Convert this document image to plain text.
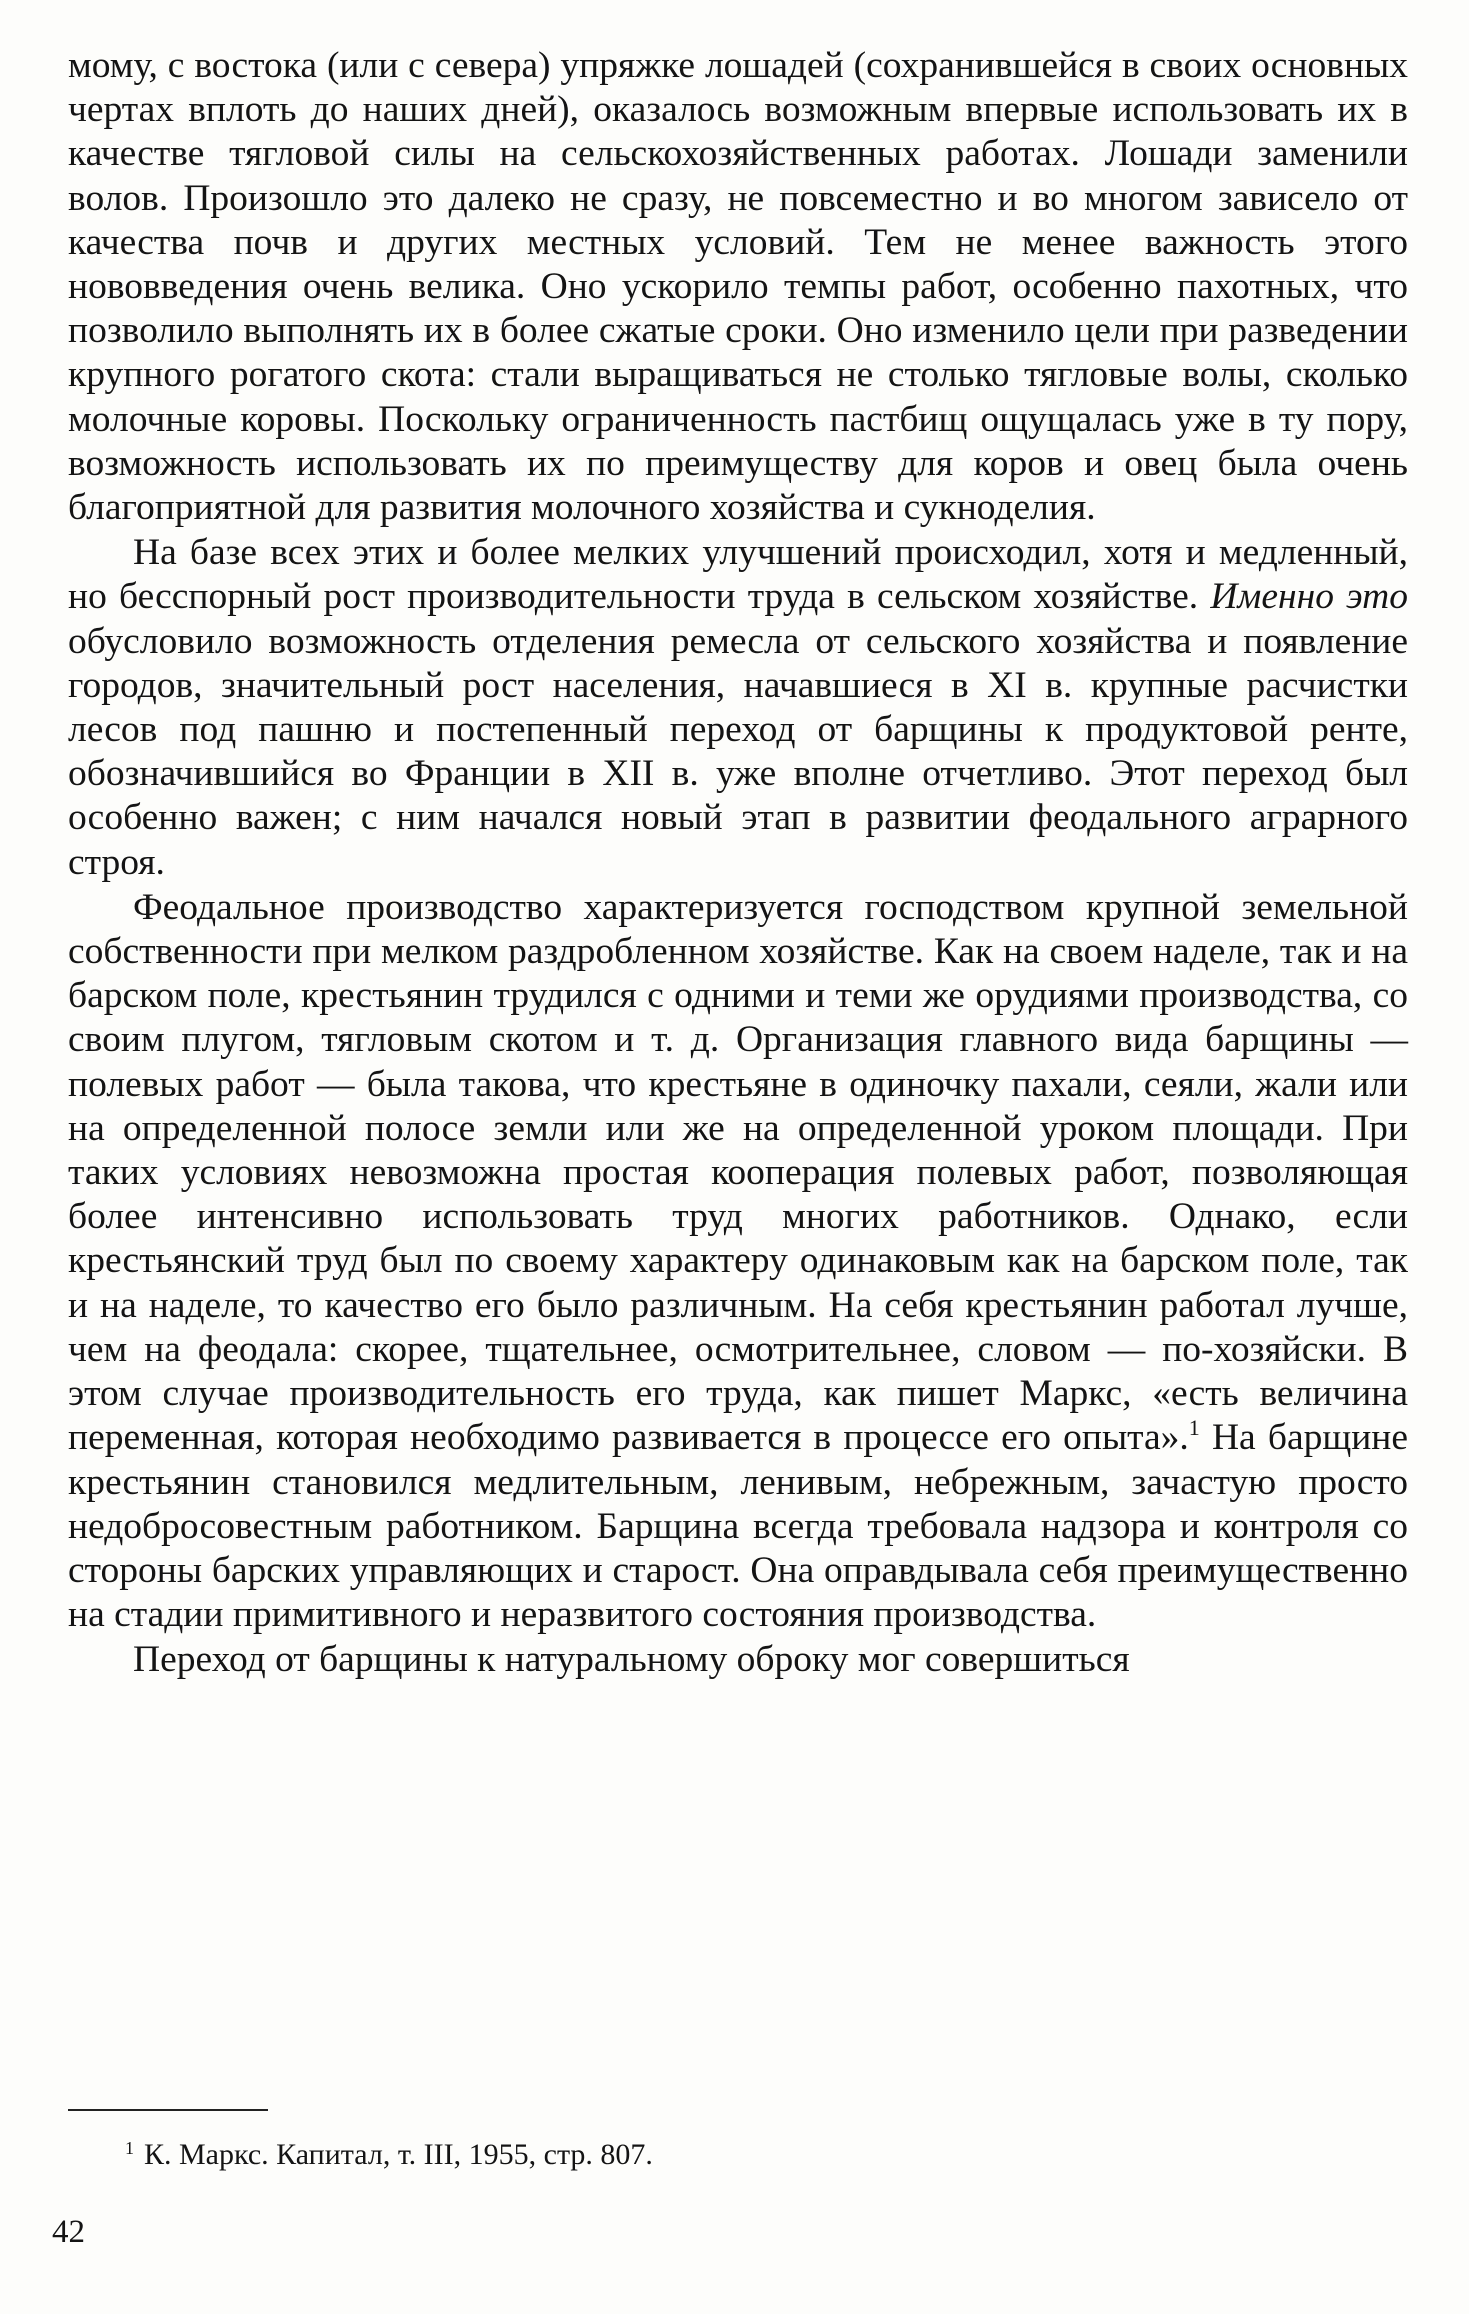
мому, с востока (или с севера) упряжке лошадей (сохранившейся в своих основных чертах вплоть до наших дней), оказалось возможным впервые использовать их в качестве тягловой силы на сельскохозяйственных работах. Лошади заменили волов. Произошло это далеко не сразу, не повсеместно и во многом зависело от качества почв и других местных условий. Тем не менее важность этого нововведения очень велика. Оно ускорило темпы работ, особенно пахотных, что позволило выполнять их в более сжатые сроки. Оно изменило цели при разведении крупного рогатого скота: стали выращиваться не столько тягловые волы, сколько молочные коровы. Поскольку ограниченность пастбищ ощущалась уже в ту пору, возможность использовать их по преимуществу для коров и овец была очень благоприятной для развития молочного хозяйства и сукноделия.

На базе всех этих и более мелких улучшений происходил, хотя и медленный, но бесспорный рост производительности труда в сельском хозяйстве. Именно это обусловило возможность отделения ремесла от сельского хозяйства и появление городов, значительный рост населения, начавшиеся в XI в. крупные расчистки лесов под пашню и постепенный переход от барщины к продуктовой ренте, обозначившийся во Франции в XII в. уже вполне отчетливо. Этот переход был особенно важен; с ним начался новый этап в развитии феодального аграрного строя.

Феодальное производство характеризуется господством крупной земельной собственности при мелком раздробленном хозяйстве. Как на своем наделе, так и на барском поле, крестьянин трудился с одними и теми же орудиями производства, со своим плугом, тягловым скотом и т. д. Организация главного вида барщины — полевых работ — была такова, что крестьяне в одиночку пахали, сеяли, жали или на определенной полосе земли или же на определенной уроком площади. При таких условиях невозможна простая кооперация полевых работ, позволяющая более интенсивно использовать труд многих работников. Однако, если крестьянский труд был по своему характеру одинаковым как на барском поле, так и на наделе, то качество его было различным. На себя крестьянин работал лучше, чем на феодала: скорее, тщательнее, осмотрительнее, словом — по-хозяйски. В этом случае производительность его труда, как пишет Маркс, «есть величина переменная, которая необходимо развивается в процессе его опыта».$^1$ На барщине крестьянин становился медлительным, ленивым, небрежным, зачастую просто недобросовестным работником. Барщина всегда требовала надзора и контроля со стороны барских управляющих и старост. Она оправдывала себя преимущественно на стадии примитивного и неразвитого состояния производства.

Переход от барщины к натуральному оброку мог совершиться

$^1$ К. Маркс. Капитал, т. III, 1955, стр. 807.
42
